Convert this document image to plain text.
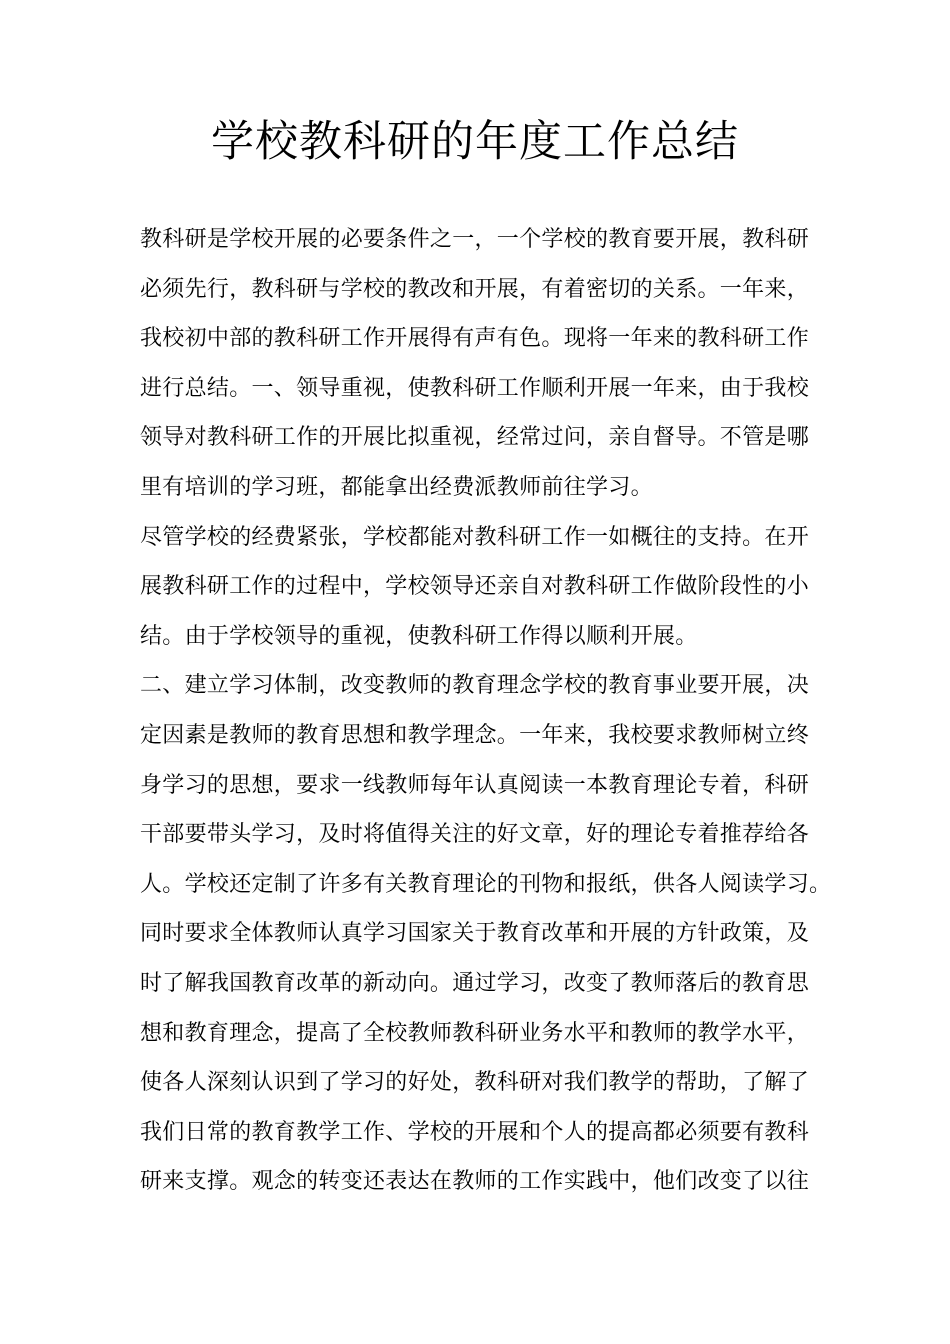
学校教科研的年度工作总结
教科研是学校开展的必要条件之一，一个学校的教育要开展，教科研
必须先行，教科研与学校的教改和开展，有着密切的关系。一年来，
我校初中部的教科研工作开展得有声有色。现将一年来的教科研工作
进行总结。一、领导重视，使教科研工作顺利开展一年来，由于我校
领导对教科研工作的开展比拟重视，经常过问，亲自督导。不管是哪
里有培训的学习班，都能拿出经费派教师前往学习。
尽管学校的经费紧张，学校都能对教科研工作一如概往的支持。在开
展教科研工作的过程中，学校领导还亲自对教科研工作做阶段性的小
结。由于学校领导的重视，使教科研工作得以顺利开展。
二、建立学习体制，改变教师的教育理念学校的教育事业要开展，决
定因素是教师的教育思想和教学理念。一年来，我校要求教师树立终
身学习的思想，要求一线教师每年认真阅读一本教育理论专着，科研
干部要带头学习，及时将值得关注的好文章，好的理论专着推荐给各
人。学校还定制了许多有关教育理论的刊物和报纸，供各人阅读学习。
同时要求全体教师认真学习国家关于教育改革和开展的方针政策，及
时了解我国教育改革的新动向。通过学习，改变了教师落后的教育思
想和教育理念，提高了全校教师教科研业务水平和教师的教学水平，
使各人深刻认识到了学习的好处，教科研对我们教学的帮助，了解了
我们日常的教育教学工作、学校的开展和个人的提高都必须要有教科
研来支撑。观念的转变还表达在教师的工作实践中，他们改变了以往
